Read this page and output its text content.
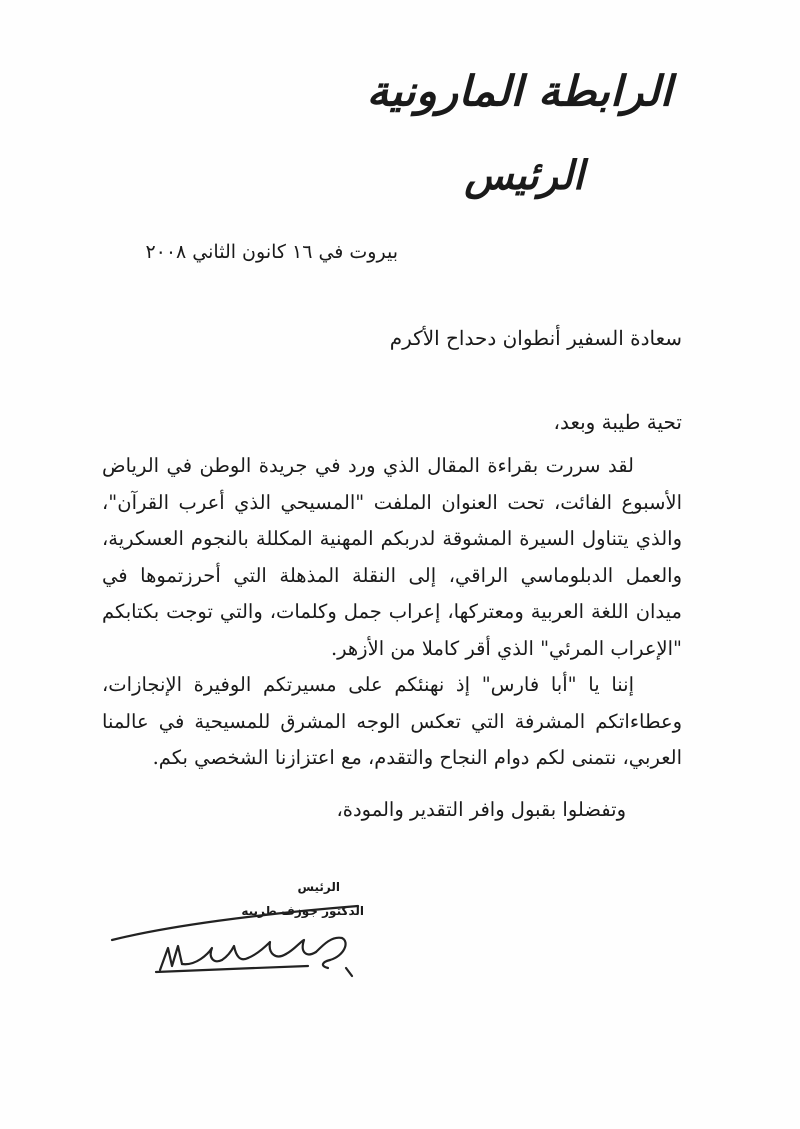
الرابطة المارونية
الرئيس
بيروت في ١٦ كانون الثاني ٢٠٠٨
سعادة السفير أنطوان دحداح الأكرم
تحية طيبة وبعد،

لقد سررت بقراءة المقال الذي ورد في جريدة الوطن في الرياض الأسبوع الفائت، تحت العنوان الملفت "المسيحي الذي أعرب القرآن"، والذي يتناول السيرة المشوقة لدربكم المهنية المكللة بالنجوم العسكرية، والعمل الدبلوماسي الراقي، إلى النقلة المذهلة التي أحرزتموها في ميدان اللغة العربية ومعتركها، إعراب جمل وكلمات، والتي توجت بكتابكم "الإعراب المرئي" الذي أقر كاملا من الأزهر.

إننا يا "أبا فارس" إذ نهنئكم على مسيرتكم الوفيرة الإنجازات، وعطاءاتكم المشرفة التي تعكس الوجه المشرق للمسيحية في عالمنا العربي، نتمنى لكم دوام النجاح والتقدم، مع اعتزازنا الشخصي بكم.

وتفضلوا بقبول وافر التقدير والمودة،
الرئيس
الدكتور جوزف طربيه
